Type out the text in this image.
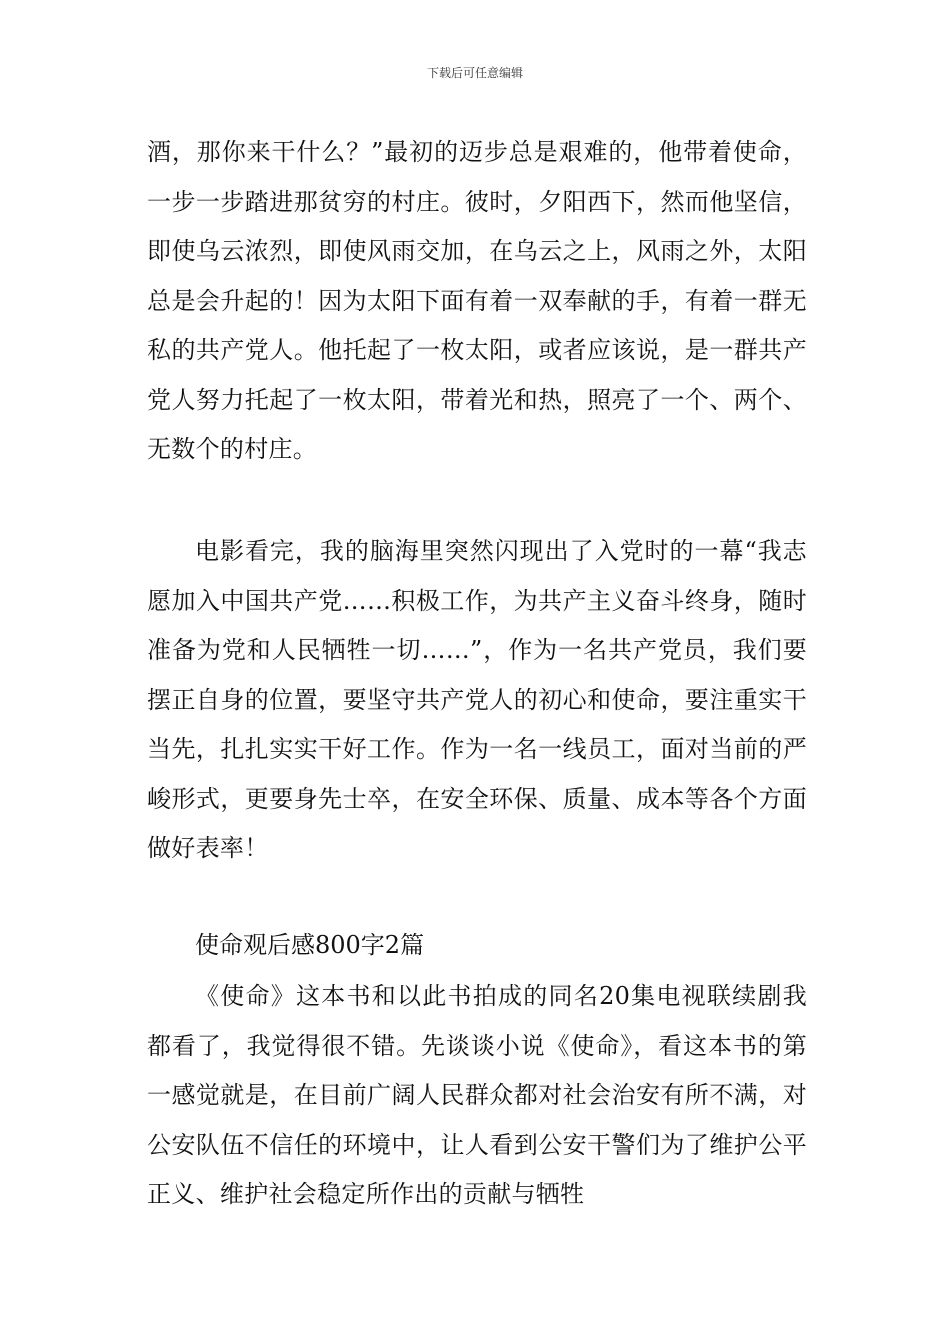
下载后可任意编辑
酒，那你来干什么？”最初的迈步总是艰难的，他带着使命，一步一步踏进那贫穷的村庄。彼时，夕阳西下，然而他坚信，即使乌云浓烈，即使风雨交加，在乌云之上，风雨之外，太阳总是会升起的！因为太阳下面有着一双奉献的手，有着一群无私的共产党人。他托起了一枚太阳，或者应该说，是一群共产党人努力托起了一枚太阳，带着光和热，照亮了一个、两个、无数个的村庄。
电影看完，我的脑海里突然闪现出了入党时的一幕“我志愿加入中国共产党……积极工作，为共产主义奋斗终身，随时准备为党和人民牺牲一切……”，作为一名共产党员，我们要摆正自身的位置，要坚守共产党人的初心和使命，要注重实干当先，扎扎实实干好工作。作为一名一线员工，面对当前的严峻形式，更要身先士卒，在安全环保、质量、成本等各个方面做好表率！
使命观后感800字2篇
《使命》这本书和以此书拍成的同名20集电视联续剧我都看了，我觉得很不错。先谈谈小说《使命》，看这本书的第一感觉就是，在目前广阔人民群众都对社会治安有所不满，对公安队伍不信任的环境中，让人看到公安干警们为了维护公平正义、维护社会稳定所作出的贡献与牺牲
